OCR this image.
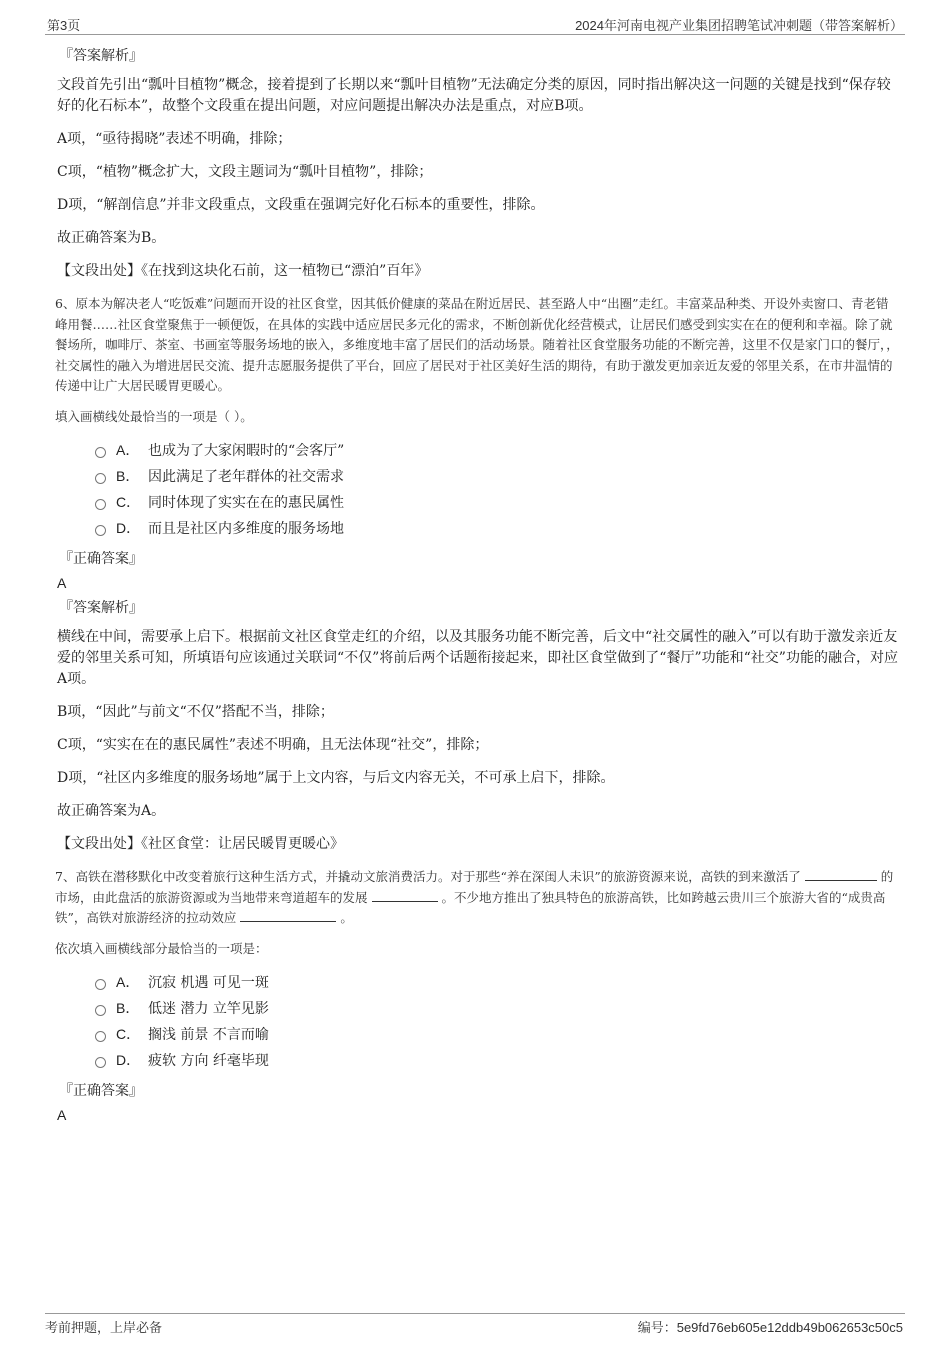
第3页	2024年河南电视产业集团招聘笔试冲刺题（带答案解析）
『答案解析』
文段首先引出“瓢叶目植物”概念，接着提到了长期以来“瓢叶目植物”无法确定分类的原因，同时指出解决这一问题的关键是找到“保存较好的化石标本”，故整个文段重在提出问题，对应问题提出解决办法是重点，对应B项。
A项，“亟待揭晓”表述不明确，排除；
C项，“植物”概念扩大，文段主题词为“瓢叶目植物”，排除；
D项，“解剖信息”并非文段重点，文段重在强调完好化石标本的重要性，排除。
故正确答案为B。
【文段出处】《在找到这块化石前，这一植物已“漂泊”百年》
6、原本为解决老人“吃饭难”问题而开设的社区食堂，因其低价健康的菜品在附近居民、甚至路人中“出圈”走红。丰富菜品种类、开设外卖窗口、青老错峰用餐……社区食堂聚焦于一顿便饭，在具体的实践中适应居民多元化的需求，不断创新优化经营模式，让居民们感受到实实在在的便利和幸福。除了就餐场所，咖啡厅、茶室、书画室等服务场地的嵌入，多维度地丰富了居民们的活动场景。随着社区食堂服务功能的不断完善，这里不仅是家门口的餐厅，，社交属性的融入为增进居民交流、提升志愿服务提供了平台，回应了居民对于社区美好生活的期待，有助于激发更加亲近友爱的邻里关系，在市井温情的传递中让广大居民暖胃更暖心。
填入画横线处最恰当的一项是（ ）。
A． 也成为了大家闲暇时的“会客厅”
B． 因此满足了老年群体的社交需求
C． 同时体现了实实在在的惠民属性
D． 而且是社区内多维度的服务场地
『正确答案』
A
『答案解析』
横线在中间，需要承上启下。根据前文社区食堂走红的介绍，以及其服务功能不断完善，后文中“社交属性的融入”可以有助于激发亲近友爱的邻里关系可知，所填语句应该通过关联词“不仅”将前后两个话题衔接起来，即社区食堂做到了“餐厅”功能和“社交”功能的融合，对应A项。
B项，“因此”与前文“不仅”搭配不当，排除；
C项，“实实在在的惠民属性”表述不明确，且无法体现“社交”，排除；
D项，“社区内多维度的服务场地”属于上文内容，与后文内容无关，不可承上启下，排除。
故正确答案为A。
【文段出处】《社区食堂：让居民暖胃更暖心》
7、高铁在潜移默化中改变着旅行这种生活方式，并撬动文旅消费活力。对于那些“养在深闺人未识”的旅游资源来说，高铁的到来激活了	的市场，由此盘活的旅游资源或为当地带来弯道超车的发展	。不少地方推出了独具特色的旅游高铁，比如跨越云贵川三个旅游大省的“成贵高铁”，高铁对旅游经济的拉动效应	。
依次填入画横线部分最恰当的一项是：
A． 沉寂 机遇 可见一斑
B． 低迷 潜力 立竿见影
C． 搁浅 前景 不言而喻
D． 疲软 方向 纤毫毕现
『正确答案』
A
考前押题，上岸必备	编号：5e9fd76eb605e12ddb49b062653c50c5
